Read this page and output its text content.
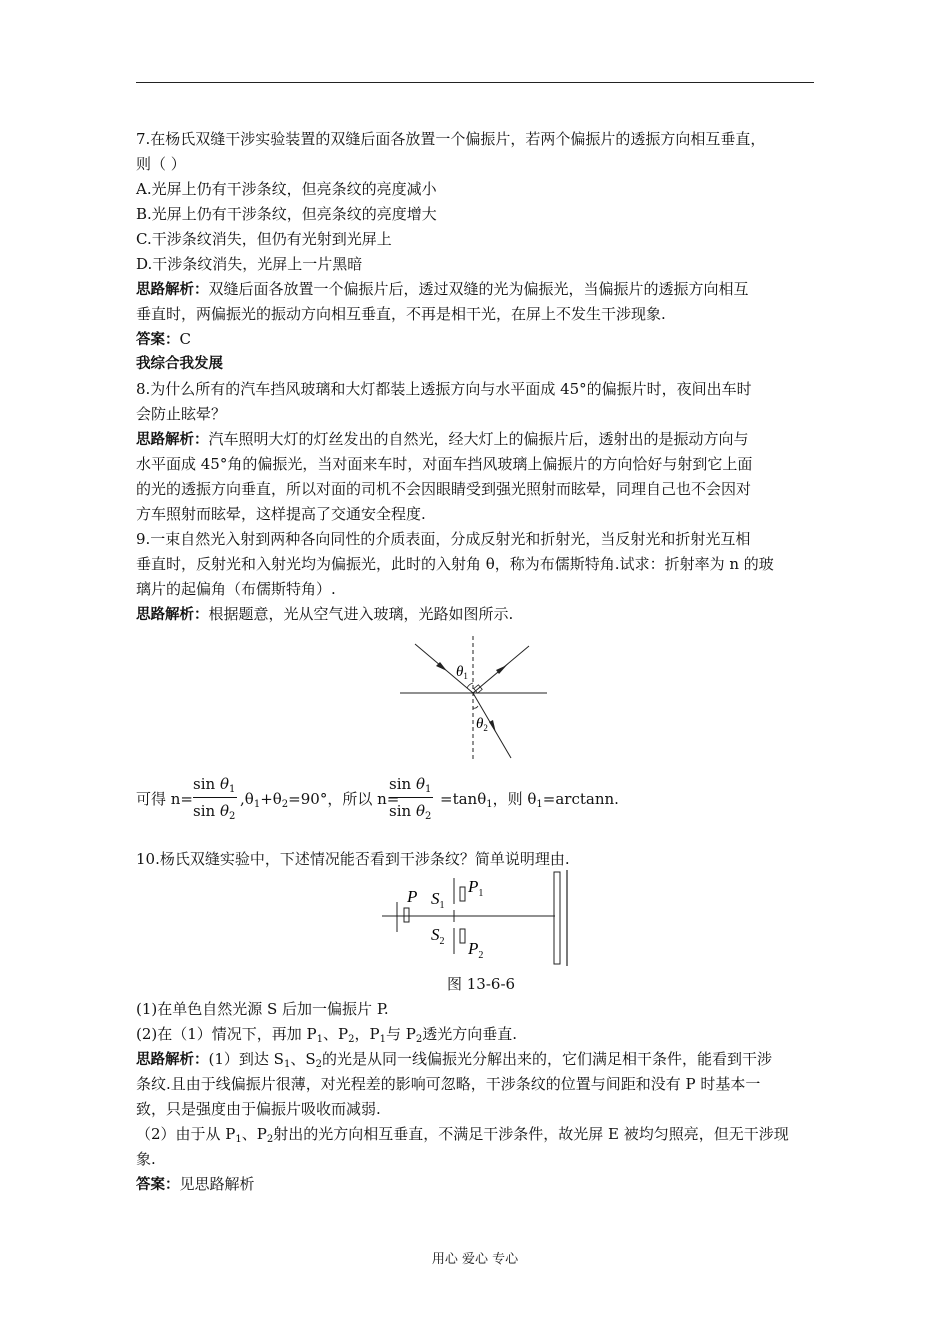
7.在杨氏双缝干涉实验装置的双缝后面各放置一个偏振片，若两个偏振片的透振方向相互垂直，
则（ ）
A.光屏上仍有干涉条纹，但亮条纹的亮度减小
B.光屏上仍有干涉条纹，但亮条纹的亮度增大
C.干涉条纹消失，但仍有光射到光屏上
D.干涉条纹消失，光屏上一片黑暗
思路解析：双缝后面各放置一个偏振片后，透过双缝的光为偏振光，当偏振片的透振方向相互
垂直时，两偏振光的振动方向相互垂直，不再是相干光，在屏上不发生干涉现象.
答案：C
我综合我发展
8.为什么所有的汽车挡风玻璃和大灯都装上透振方向与水平面成 45°的偏振片时，夜间出车时
会防止眩晕？
思路解析：汽车照明大灯的灯丝发出的自然光，经大灯上的偏振片后，透射出的是振动方向与
水平面成 45°角的偏振光，当对面来车时，对面车挡风玻璃上偏振片的方向恰好与射到它上面
的光的透振方向垂直，所以对面的司机不会因眼睛受到强光照射而眩晕，同理自己也不会因对
方车照射而眩晕，这样提高了交通安全程度.
9.一束自然光入射到两种各向同性的介质表面，分成反射光和折射光，当反射光和折射光互相
垂直时，反射光和入射光均为偏振光，此时的入射角 θ，称为布儒斯特角.试求：折射率为 n 的玻
璃片的起偏角（布儒斯特角）.
思路解析：根据题意，光从空气进入玻璃，光路如图所示.
$\theta_1$
$\theta_2$
可得 n=
$\sin \theta_1$
$\sin \theta_2$
$,\theta_1+\theta_2=90^\circ$，所以 n=
$\sin \theta_1$
$\sin \theta_2$
=tanθ$_1$，则 $\theta_1=\arctan n$.
10.杨氏双缝实验中，下述情况能否看到干涉条纹？简单说明理由.
P $S_1$
$P_1$
$S_2$ $P_2$
图 13-6-6
(1)在单色自然光源 S 后加一偏振片 P.
(2)在（1）情况下，再加 $P_1$、$P_2$，$P_1$与 $P_2$透光方向垂直.
思路解析：(1）到达 $S_1$、$S_2$的光是从同一线偏振光分解出来的，它们满足相干条件，能看到干涉
条纹.且由于线偏振片很薄，对光程差的影响可忽略，干涉条纹的位置与间距和没有 P 时基本一
致，只是强度由于偏振片吸收而减弱.
（2）由于从 $P_1$、$P_2$射出的光方向相互垂直，不满足干涉条件，故光屏 E 被均匀照亮，但无干涉现
象.
答案：见思路解析
用心 爱心 专心
